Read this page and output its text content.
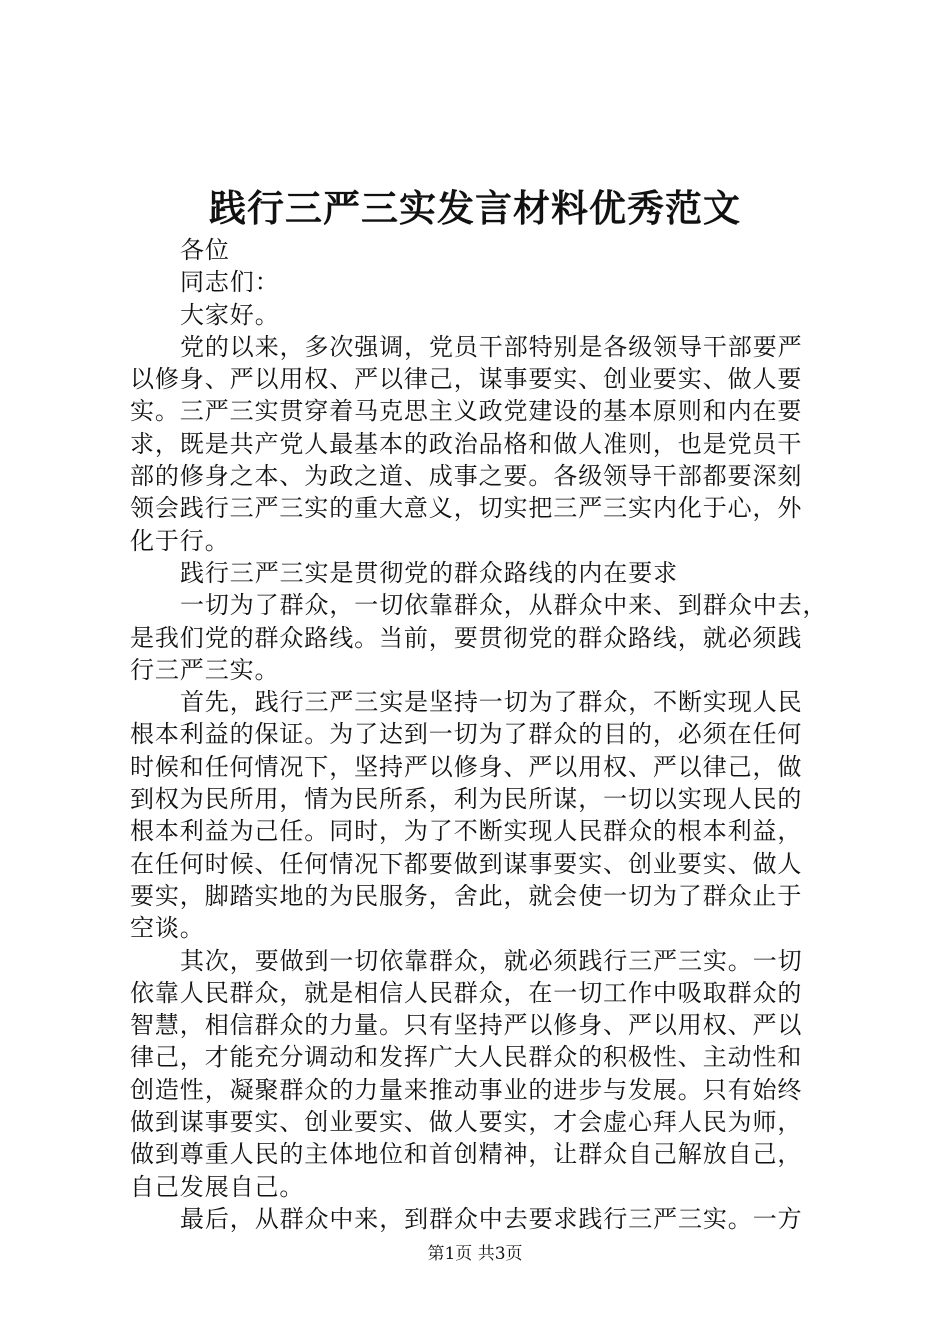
践行三严三实发言材料优秀范文
各位
同志们：
大家好。
党的以来，多次强调，党员干部特别是各级领导干部要严
以修身、严以用权、严以律己，谋事要实、创业要实、做人要
实。三严三实贯穿着马克思主义政党建设的基本原则和内在要
求，既是共产党人最基本的政治品格和做人准则，也是党员干
部的修身之本、为政之道、成事之要。各级领导干部都要深刻
领会践行三严三实的重大意义，切实把三严三实内化于心，外
化于行。
践行三严三实是贯彻党的群众路线的内在要求
一切为了群众，一切依靠群众，从群众中来、到群众中去，
是我们党的群众路线。当前，要贯彻党的群众路线，就必须践
行三严三实。
首先，践行三严三实是坚持一切为了群众，不断实现人民
根本利益的保证。为了达到一切为了群众的目的，必须在任何
时候和任何情况下，坚持严以修身、严以用权、严以律己，做
到权为民所用，情为民所系，利为民所谋，一切以实现人民的
根本利益为己任。同时，为了不断实现人民群众的根本利益，
在任何时候、任何情况下都要做到谋事要实、创业要实、做人
要实，脚踏实地的为民服务，舍此，就会使一切为了群众止于
空谈。
其次，要做到一切依靠群众，就必须践行三严三实。一切
依靠人民群众，就是相信人民群众，在一切工作中吸取群众的
智慧，相信群众的力量。只有坚持严以修身、严以用权、严以
律己，才能充分调动和发挥广大人民群众的积极性、主动性和
创造性，凝聚群众的力量来推动事业的进步与发展。只有始终
做到谋事要实、创业要实、做人要实，才会虚心拜人民为师，
做到尊重人民的主体地位和首创精神，让群众自己解放自己，
自己发展自己。
最后，从群众中来，到群众中去要求践行三严三实。一方
第1页 共3页
